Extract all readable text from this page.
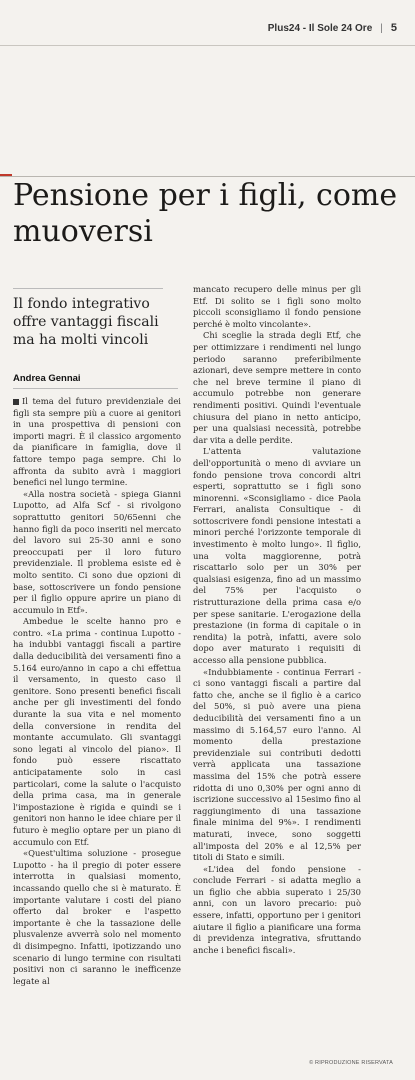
Plus24 - Il Sole 24 Ore | 5
Pensione per i figli, come muoversi
Il fondo integrativo offre vantaggi fiscali ma ha molti vincoli
Andrea Gennai

Il tema del futuro previdenziale dei figli sta sempre più a cuore ai genitori in una prospettiva di pensioni con importi magri. È il classico argomento da pianificare in famiglia, dove il fattore tempo paga sempre. Chi lo affronta da subito avrà i maggiori benefici nel lungo termine.

«Alla nostra società - spiega Gianni Lupotto, ad Alfa Scf - si rivolgono soprattutto genitori 50/65enni che hanno figli da poco inseriti nel mercato del lavoro sui 25-30 anni e sono preoccupati per il loro futuro previdenziale. Il problema esiste ed è molto sentito. Ci sono due opzioni di base, sottoscrivere un fondo pensione per il figlio oppure aprire un piano di accumulo in Etf».

Ambedue le scelte hanno pro e contro. «La prima - continua Lupotto - ha indubbi vantaggi fiscali a partire dalla deducibilità dei versamenti fino a 5.164 euro/anno in capo a chi effettua il versamento, in questo caso il genitore. Sono presenti benefici fiscali anche per gli investimenti del fondo durante la sua vita e nel momento della conversione in rendita del montante accumulato. Gli svantaggi sono legati al vincolo del piano». Il fondo può essere riscattato anticipatamente solo in casi particolari, come la salute o l'acquisto della prima casa, ma in generale l'impostazione è rigida e quindi se i genitori non hanno le idee chiare per il futuro è meglio optare per un piano di accumulo con Etf.

«Quest'ultima soluzione - prosegue Lupotto - ha il pregio di poter essere interrotta in qualsiasi momento, incassando quello che si è maturato. È importante valutare i costi del piano offerto dal broker e l'aspetto importante è che la tassazione delle plusvalenze avverrà solo nel momento di disimpegno. Infatti, ipotizzando uno scenario di lungo termine con risultati positivi non ci saranno le inefficenze legate al

mancato recupero delle minus per gli Etf. Di solito se i figli sono molto piccoli sconsigliamo il fondo pensione perché è molto vincolante».

Chi sceglie la strada degli Etf, che per ottimizzare i rendimenti nel lungo periodo saranno preferibilmente azionari, deve sempre mettere in conto che nel breve termine il piano di accumulo potrebbe non generare rendimenti positivi. Quindi l'eventuale chiusura del piano in netto anticipo, per una qualsiasi necessità, potrebbe dar vita a delle perdite.

L'attenta valutazione dell'opportunità o meno di avviare un fondo pensione trova concordi altri esperti, soprattutto se i figli sono minorenni. «Sconsigliamo - dice Paola Ferrari, analista Consultique - di sottoscrivere fondi pensione intestati a minori perché l'orizzonte temporale di investimento è molto lungo». Il figlio, una volta maggiorenne, potrà riscattarlo solo per un 30% per qualsiasi esigenza, fino ad un massimo del 75% per l'acquisto o ristrutturazione della prima casa e/o per spese sanitarie. L'erogazione della prestazione (in forma di capitale o in rendita) la potrà, infatti, avere solo dopo aver maturato i requisiti di accesso alla pensione pubblica.

«Indubbiamente - continua Ferrari - ci sono vantaggi fiscali a partire dal fatto che, anche se il figlio è a carico del 50%, si può avere una piena deducibilità dei versamenti fino a un massimo di 5.164,57 euro l'anno. Al momento della prestazione previdenziale sui contributi dedotti verrà applicata una tassazione massima del 15% che potrà essere ridotta di uno 0,30% per ogni anno di iscrizione successivo al 15esimo fino al raggiungimento di una tassazione finale minima del 9%». I rendimenti maturati, invece, sono soggetti all'imposta del 20% e al 12,5% per titoli di Stato e simili.

«L'idea del fondo pensione - conclude Ferrari - si adatta meglio a un figlio che abbia superato i 25/30 anni, con un lavoro precario: può essere, infatti, opportuno per i genitori aiutare il figlio a pianificare una forma di previdenza integrativa, sfruttando anche i benefici fiscali».

© RIPRODUZIONE RISERVATA
